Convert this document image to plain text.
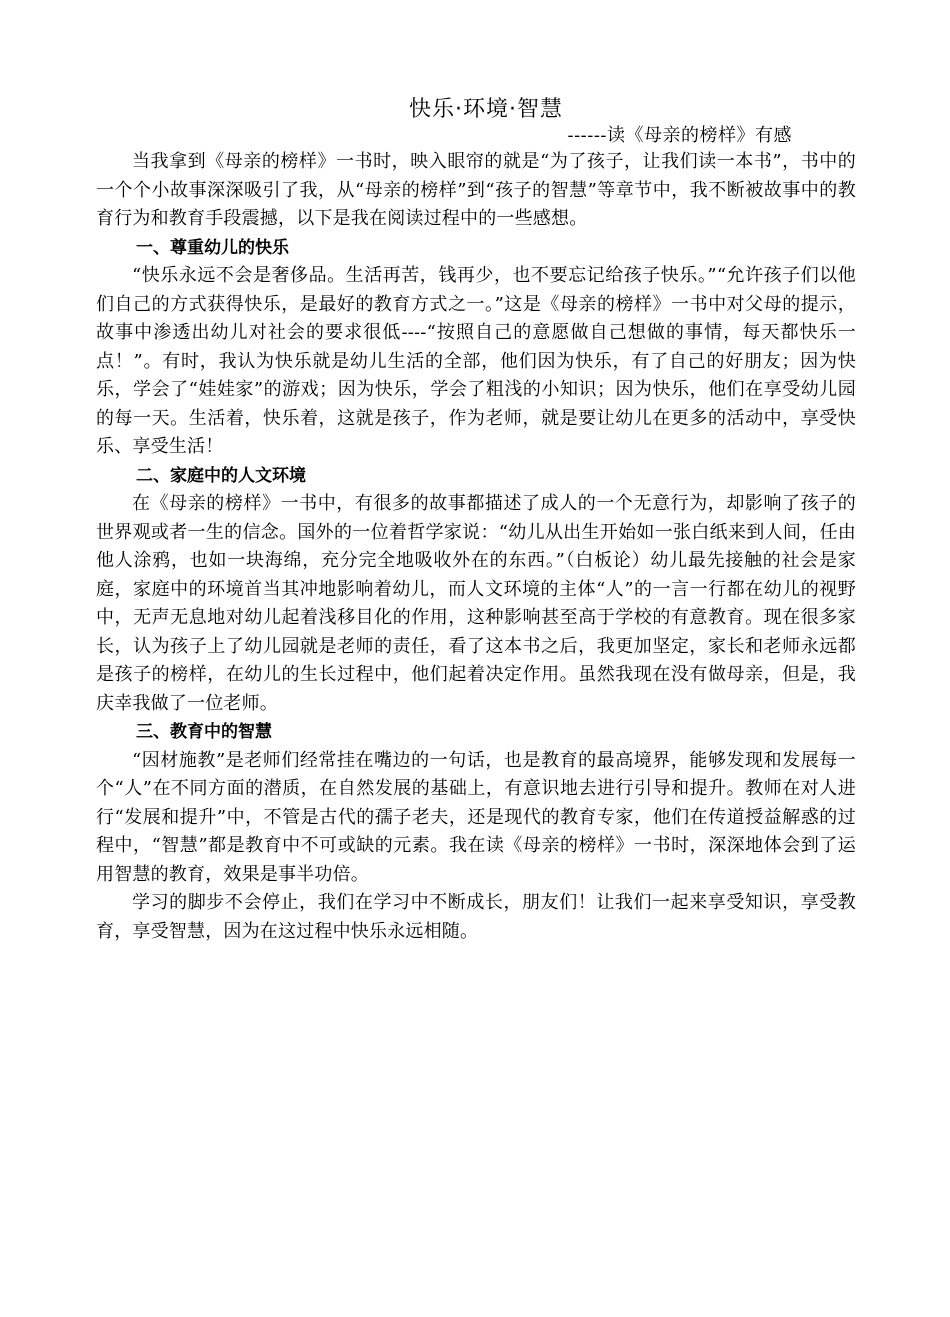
快乐·环境·智慧
------读《母亲的榜样》有感

当我拿到《母亲的榜样》一书时，映入眼帘的就是“为了孩子，让我们读一本书”，书中的一个个小故事深深吸引了我，从“母亲的榜样”到“孩子的智慧”等章节中，我不断被故事中的教育行为和教育手段震撼，以下是我在阅读过程中的一些感想。

一、尊重幼儿的快乐

“快乐永远不会是奢侈品。生活再苦，钱再少，也不要忘记给孩子快乐。”“允许孩子们以他们自己的方式获得快乐，是最好的教育方式之一。”这是《母亲的榜样》一书中对父母的提示，故事中渗透出幼儿对社会的要求很低----“按照自己的意愿做自己想做的事情，每天都快乐一点！”。有时，我认为快乐就是幼儿生活的全部，他们因为快乐，有了自己的好朋友；因为快乐，学会了“娃娃家”的游戏；因为快乐，学会了粗浅的小知识；因为快乐，他们在享受幼儿园的每一天。生活着，快乐着，这就是孩子，作为老师，就是要让幼儿在更多的活动中，享受快乐、享受生活！

二、家庭中的人文环境

在《母亲的榜样》一书中，有很多的故事都描述了成人的一个无意行为，却影响了孩子的世界观或者一生的信念。国外的一位着哲学家说：“幼儿从出生开始如一张白纸来到人间，任由他人涂鸦，也如一块海绵，充分完全地吸收外在的东西。”（白板论）幼儿最先接触的社会是家庭，家庭中的环境首当其冲地影响着幼儿，而人文环境的主体“人”的一言一行都在幼儿的视野中，无声无息地对幼儿起着浅移目化的作用，这种影响甚至高于学校的有意教育。现在很多家长，认为孩子上了幼儿园就是老师的责任，看了这本书之后，我更加坚定，家长和老师永远都是孩子的榜样，在幼儿的生长过程中，他们起着决定作用。虽然我现在没有做母亲，但是，我庆幸我做了一位老师。

三、教育中的智慧

“因材施教”是老师们经常挂在嘴边的一句话，也是教育的最高境界，能够发现和发展每一个“人”在不同方面的潜质，在自然发展的基础上，有意识地去进行引导和提升。教师在对人进行“发展和提升”中，不管是古代的孺子老夫，还是现代的教育专家，他们在传道授益解惑的过程中，“智慧”都是教育中不可或缺的元素。我在读《母亲的榜样》一书时，深深地体会到了运用智慧的教育，效果是事半功倍。

学习的脚步不会停止，我们在学习中不断成长，朋友们！让我们一起来享受知识，享受教育，享受智慧，因为在这过程中快乐永远相随。
